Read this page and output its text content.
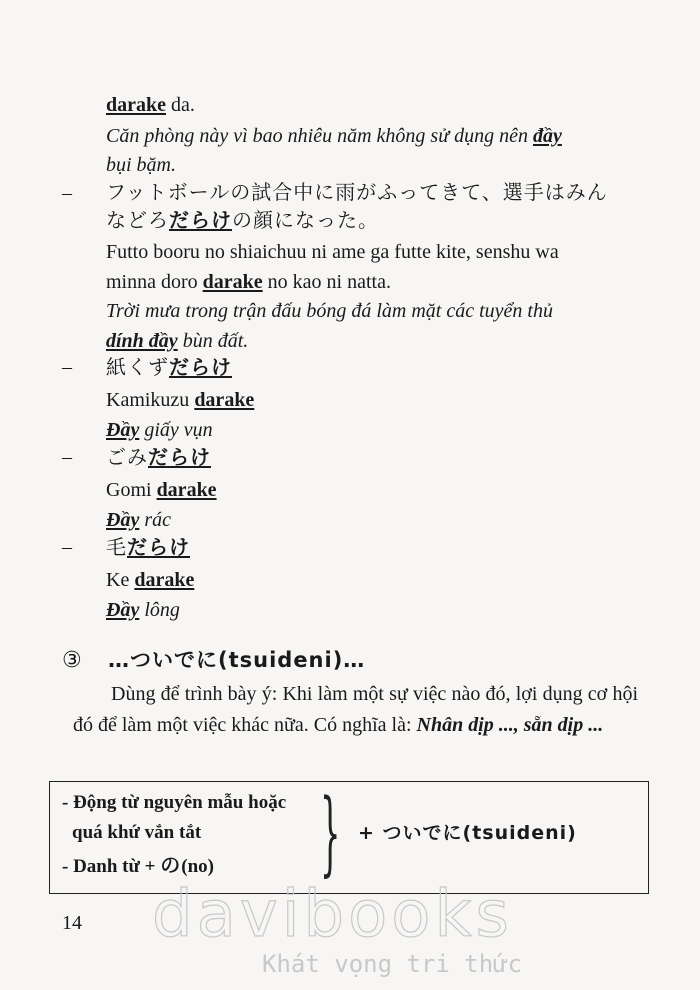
darake da.
Căn phòng này vì bao nhiêu năm không sử dụng nên đầy
bụi bặm.
– フットボールの試合中に雨がふってきて、選手はみん
などろだらけの顔になった。
Futto booru no shiaichuu ni ame ga futte kite, senshu wa
minna doro darake no kao ni natta.
Trời mưa trong trận đấu bóng đá làm mặt các tuyển thủ
dính đầy bùn đất.
– 紙くずだらけ
Kamikuzu darake
Đầy giấy vụn
– ごみだらけ
Gomi darake
Đầy rác
– 毛だらけ
Ke darake
Đầy lông
③ …ついでに(tsuideni)…
Dùng để trình bày ý: Khi làm một sự việc nào đó, lợi dụng cơ hội đó để làm một việc khác nữa. Có nghĩa là: Nhân dịp ..., sẵn dịp ...
- Động từ nguyên mẫu hoặc
quá khứ vắn tắt
- Danh từ + の(no) } + ついでに(tsuideni)
14 davibooks
Khát vọng tri thức
